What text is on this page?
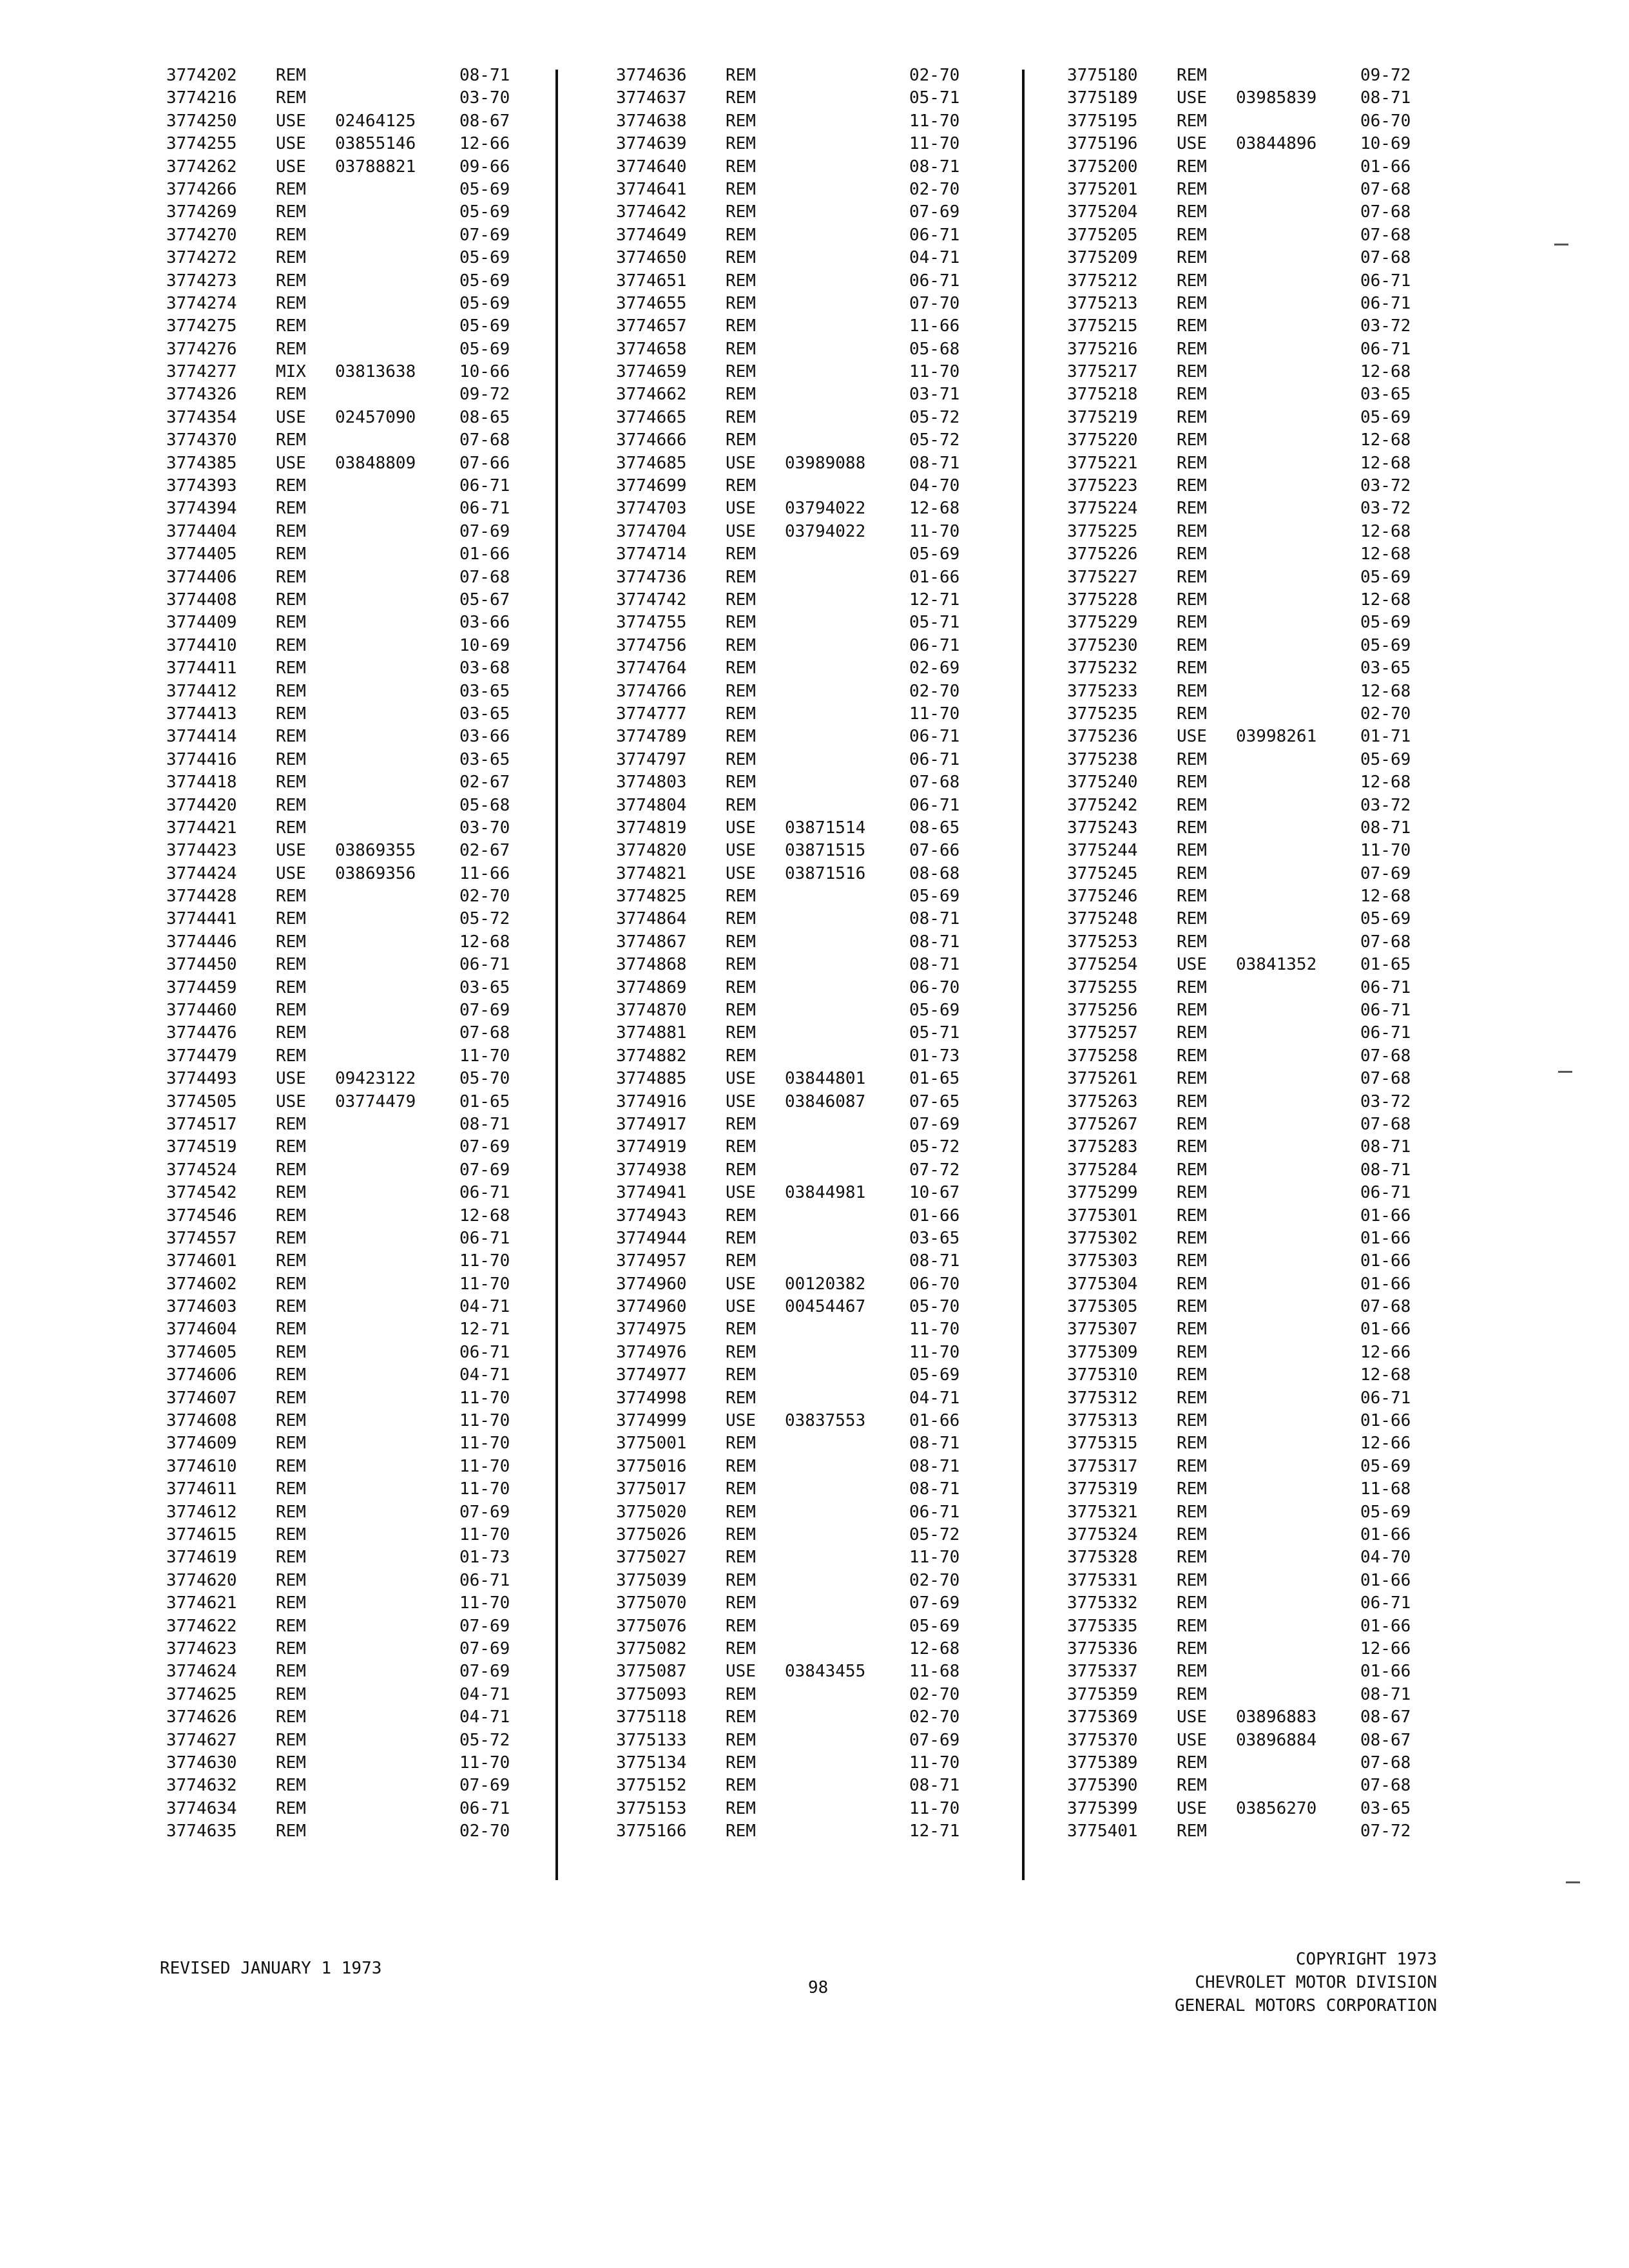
3774202 REM	08-71
3774216 REM	03-70
3774250 USE 02464125	08-67
3774255 USE 03855146	12-66
3774262 USE 03788821	09-66
3774266 REM	05-69
3774269 REM	05-69
3774270 REM	07-69
3774272 REM	05-69
3774273 REM	05-69
3774274 REM	05-69
3774275 REM	05-69
3774276 REM	05-69
3774277 MIX 03813638	10-66
3774326 REM	09-72
3774354 USE 02457090	08-65
3774370 REM	07-68
3774385 USE 03848809	07-66
3774393 REM	06-71
3774394 REM	06-71
3774404 REM	07-69
3774405 REM	01-66
3774406 REM	07-68
3774408 REM	05-67
3774409 REM	03-66
3774410 REM	10-69
3774411 REM	03-68
3774412 REM	03-65
3774413 REM	03-65
3774414 REM	03-66
3774416 REM	03-65
3774418 REM	02-67
3774420 REM	05-68
3774421 REM	03-70
3774423 USE 03869355	02-67
3774424 USE 03869356	11-66
3774428 REM	02-70
3774441 REM	05-72
3774446 REM	12-68
3774450 REM	06-71
3774459 REM	03-65
3774460 REM	07-69
3774476 REM	07-68
3774479 REM	11-70
3774493 USE 09423122	05-70
3774505 USE 03774479	01-65
3774517 REM	08-71
3774519 REM	07-69
3774524 REM	07-69
3774542 REM	06-71
3774546 REM	12-68
3774557 REM	06-71
3774601 REM	11-70
3774602 REM	11-70
3774603 REM	04-71
3774604 REM	12-71
3774605 REM	06-71
3774606 REM	04-71
3774607 REM	11-70
3774608 REM	11-70
3774609 REM	11-70
3774610 REM	11-70
3774611 REM	11-70
3774612 REM	07-69
3774615 REM	11-70
3774619 REM	01-73
3774620 REM	06-71
3774621 REM	11-70
3774622 REM	07-69
3774623 REM	07-69
3774624 REM	07-69
3774625 REM	04-71
3774626 REM	04-71
3774627 REM	05-72
3774630 REM	11-70
3774632 REM	07-69
3774634 REM	06-71
3774635 REM	02-70
3774636 REM	02-70
3774637 REM	05-71
3774638 REM	11-70
3774639 REM	11-70
3774640 REM	08-71
3774641 REM	02-70
3774642 REM	07-69
3774649 REM	06-71
3774650 REM	04-71
3774651 REM	06-71
3774655 REM	07-70
3774657 REM	11-66
3774658 REM	05-68
3774659 REM	11-70
3774662 REM	03-71
3774665 REM	05-72
3774666 REM	05-72
3774685 USE 03989088	08-71
3774699 REM	04-70
3774703 USE 03794022	12-68
3774704 USE 03794022	11-70
3774714 REM	05-69
3774736 REM	01-66
3774742 REM	12-71
3774755 REM	05-71
3774756 REM	06-71
3774764 REM	02-69
3774766 REM	02-70
3774777 REM	11-70
3774789 REM	06-71
3774797 REM	06-71
3774803 REM	07-68
3774804 REM	06-71
3774819 USE 03871514	08-65
3774820 USE 03871515	07-66
3774821 USE 03871516	08-68
3774825 REM	05-69
3774864 REM	08-71
3774867 REM	08-71
3774868 REM	08-71
3774869 REM	06-70
3774870 REM	05-69
3774881 REM	05-71
3774882 REM	01-73
3774885 USE 03844801	01-65
3774916 USE 03846087	07-65
3774917 REM	07-69
3774919 REM	05-72
3774938 REM	07-72
3774941 USE 03844981	10-67
3774943 REM	01-66
3774944 REM	03-65
3774957 REM	08-71
3774960 USE 00120382	06-70
3774960 USE 00454467	05-70
3774975 REM	11-70
3774976 REM	11-70
3774977 REM	05-69
3774998 REM	04-71
3774999 USE 03837553	01-66
3775001 REM	08-71
3775016 REM	08-71
3775017 REM	08-71
3775020 REM	06-71
3775026 REM	05-72
3775027 REM	11-70
3775039 REM	02-70
3775070 REM	07-69
3775076 REM	05-69
3775082 REM	12-68
3775087 USE 03843455	11-68
3775093 REM	02-70
3775118 REM	02-70
3775133 REM	07-69
3775134 REM	11-70
3775152 REM	08-71
3775153 REM	11-70
3775166 REM	12-71
3775180 REM	09-72
3775189 USE 03985839	08-71
3775195 REM	06-70
3775196 USE 03844896	10-69
3775200 REM	01-66
3775201 REM	07-68
3775204 REM	07-68
3775205 REM	07-68
3775209 REM	07-68
3775212 REM	06-71
3775213 REM	06-71
3775215 REM	03-72
3775216 REM	06-71
3775217 REM	12-68
3775218 REM	03-65
3775219 REM	05-69
3775220 REM	12-68
3775221 REM	12-68
3775223 REM	03-72
3775224 REM	03-72
3775225 REM	12-68
3775226 REM	12-68
3775227 REM	05-69
3775228 REM	12-68
3775229 REM	05-69
3775230 REM	05-69
3775232 REM	03-65
3775233 REM	12-68
3775235 REM	02-70
3775236 USE 03998261	01-71
3775238 REM	05-69
3775240 REM	12-68
3775242 REM	03-72
3775243 REM	08-71
3775244 REM	11-70
3775245 REM	07-69
3775246 REM	12-68
3775248 REM	05-69
3775253 REM	07-68
3775254 USE 03841352	01-65
3775255 REM	06-71
3775256 REM	06-71
3775257 REM	06-71
3775258 REM	07-68
3775261 REM	07-68
3775263 REM	03-72
3775267 REM	07-68
3775283 REM	08-71
3775284 REM	08-71
3775299 REM	06-71
3775301 REM	01-66
3775302 REM	01-66
3775303 REM	01-66
3775304 REM	01-66
3775305 REM	07-68
3775307 REM	01-66
3775309 REM	12-66
3775310 REM	12-68
3775312 REM	06-71
3775313 REM	01-66
3775315 REM	12-66
3775317 REM	05-69
3775319 REM	11-68
3775321 REM	05-69
3775324 REM	01-66
3775328 REM	04-70
3775331 REM	01-66
3775332 REM	06-71
3775335 REM	01-66
3775336 REM	12-66
3775337 REM	01-66
3775359 REM	08-71
3775369 USE 03896883	08-67
3775370 USE 03896884	08-67
3775389 REM	07-68
3775390 REM	07-68
3775399 USE 03856270	03-65
3775401 REM	07-72
REVISED JANUARY 1 1973
98
COPYRIGHT 1973
CHEVROLET MOTOR DIVISION
GENERAL MOTORS CORPORATION
